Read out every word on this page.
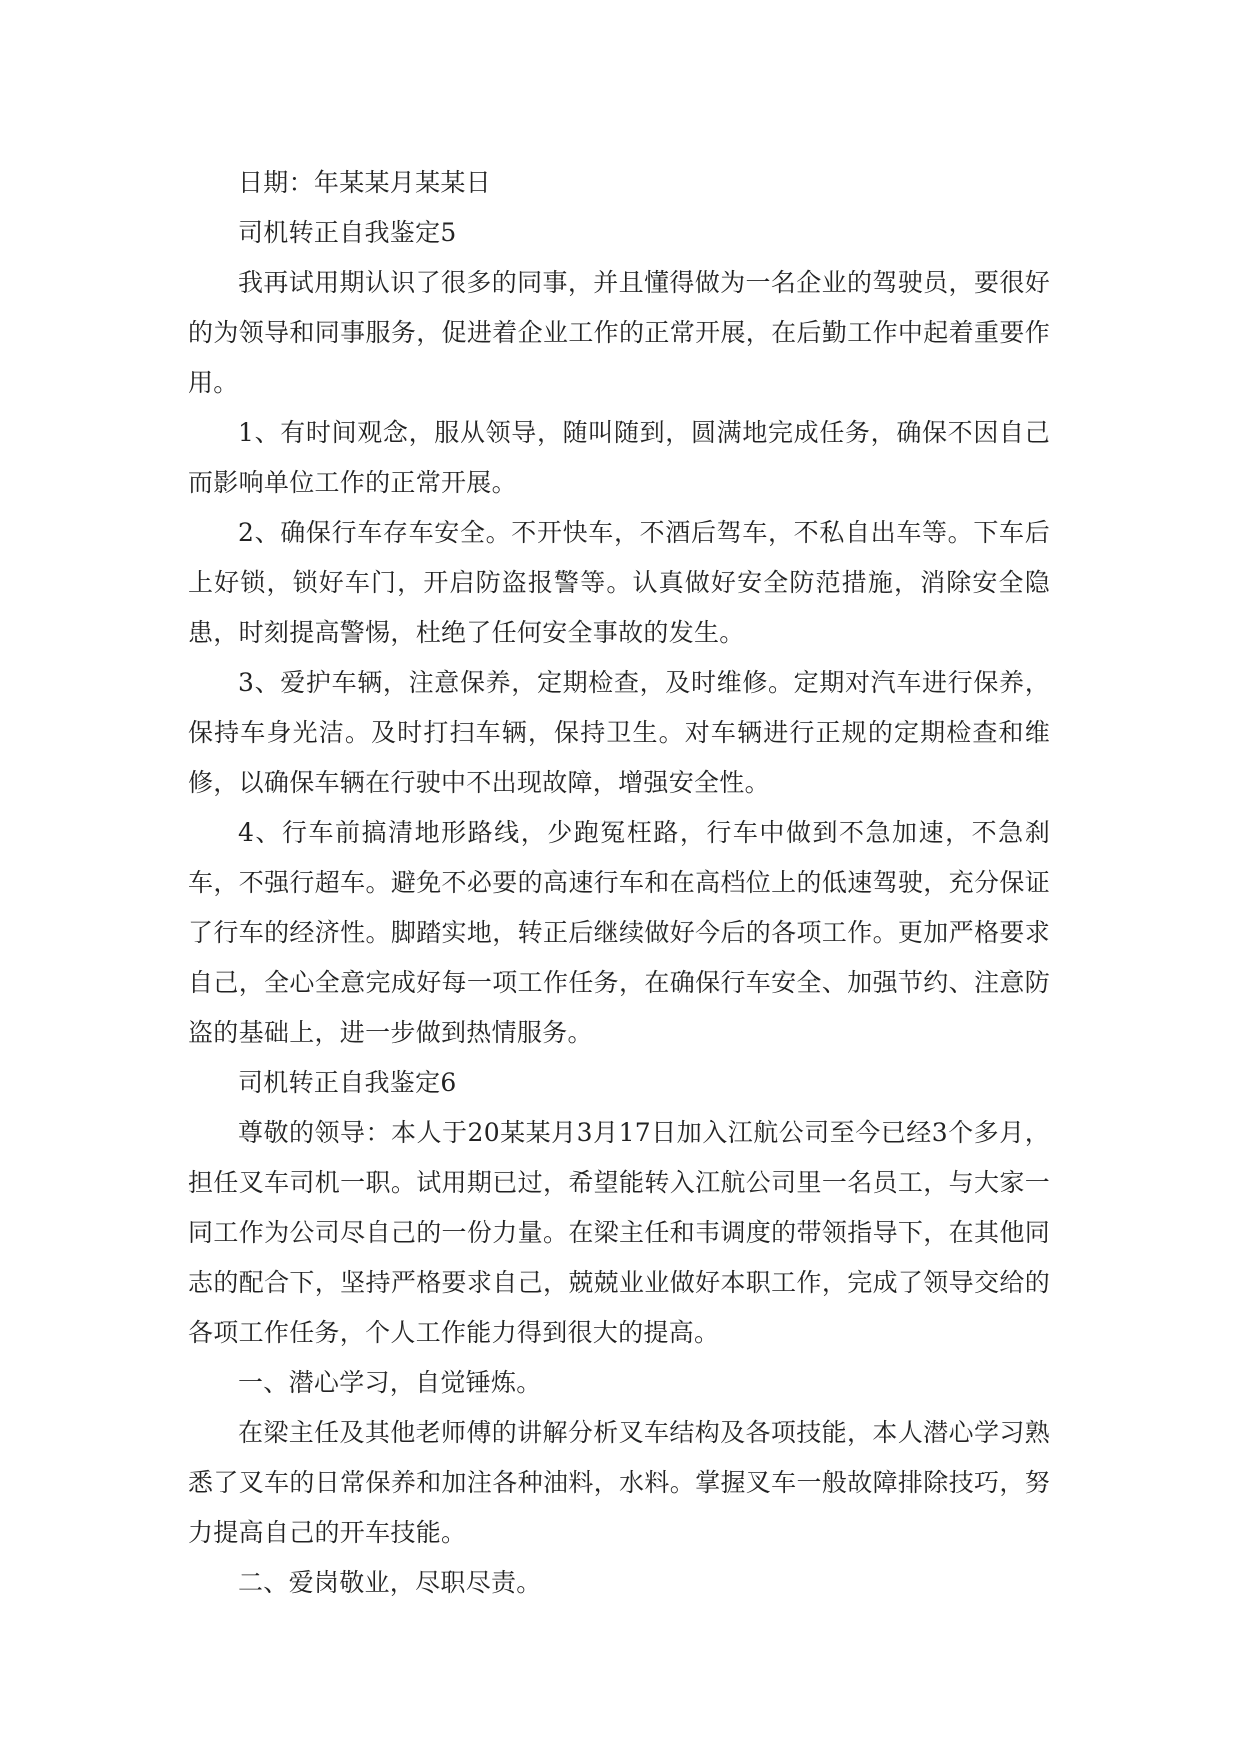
日期：年某某月某某日

司机转正自我鉴定5

我再试用期认识了很多的同事，并且懂得做为一名企业的驾驶员，要很好的为领导和同事服务，促进着企业工作的正常开展，在后勤工作中起着重要作用。

1、有时间观念，服从领导，随叫随到，圆满地完成任务，确保不因自己而影响单位工作的正常开展。

2、确保行车存车安全。不开快车，不酒后驾车，不私自出车等。下车后上好锁，锁好车门，开启防盗报警等。认真做好安全防范措施，消除安全隐患，时刻提高警惕，杜绝了任何安全事故的发生。

3、爱护车辆，注意保养，定期检查，及时维修。定期对汽车进行保养，保持车身光洁。及时打扫车辆，保持卫生。对车辆进行正规的定期检查和维修，以确保车辆在行驶中不出现故障，增强安全性。

4、行车前搞清地形路线，少跑冤枉路，行车中做到不急加速，不急刹车，不强行超车。避免不必要的高速行车和在高档位上的低速驾驶，充分保证了行车的经济性。脚踏实地，转正后继续做好今后的各项工作。更加严格要求自己，全心全意完成好每一项工作任务，在确保行车安全、加强节约、注意防盗的基础上，进一步做到热情服务。

司机转正自我鉴定6

尊敬的领导：本人于20某某月3月17日加入江航公司至今已经3个多月，担任叉车司机一职。试用期已过，希望能转入江航公司里一名员工，与大家一同工作为公司尽自己的一份力量。在梁主任和韦调度的带领指导下，在其他同志的配合下，坚持严格要求自己，兢兢业业做好本职工作，完成了领导交给的各项工作任务，个人工作能力得到很大的提高。

一、潜心学习，自觉锤炼。

在梁主任及其他老师傅的讲解分析叉车结构及各项技能，本人潜心学习熟悉了叉车的日常保养和加注各种油料，水料。掌握叉车一般故障排除技巧，努力提高自己的开车技能。

二、爱岗敬业，尽职尽责。
